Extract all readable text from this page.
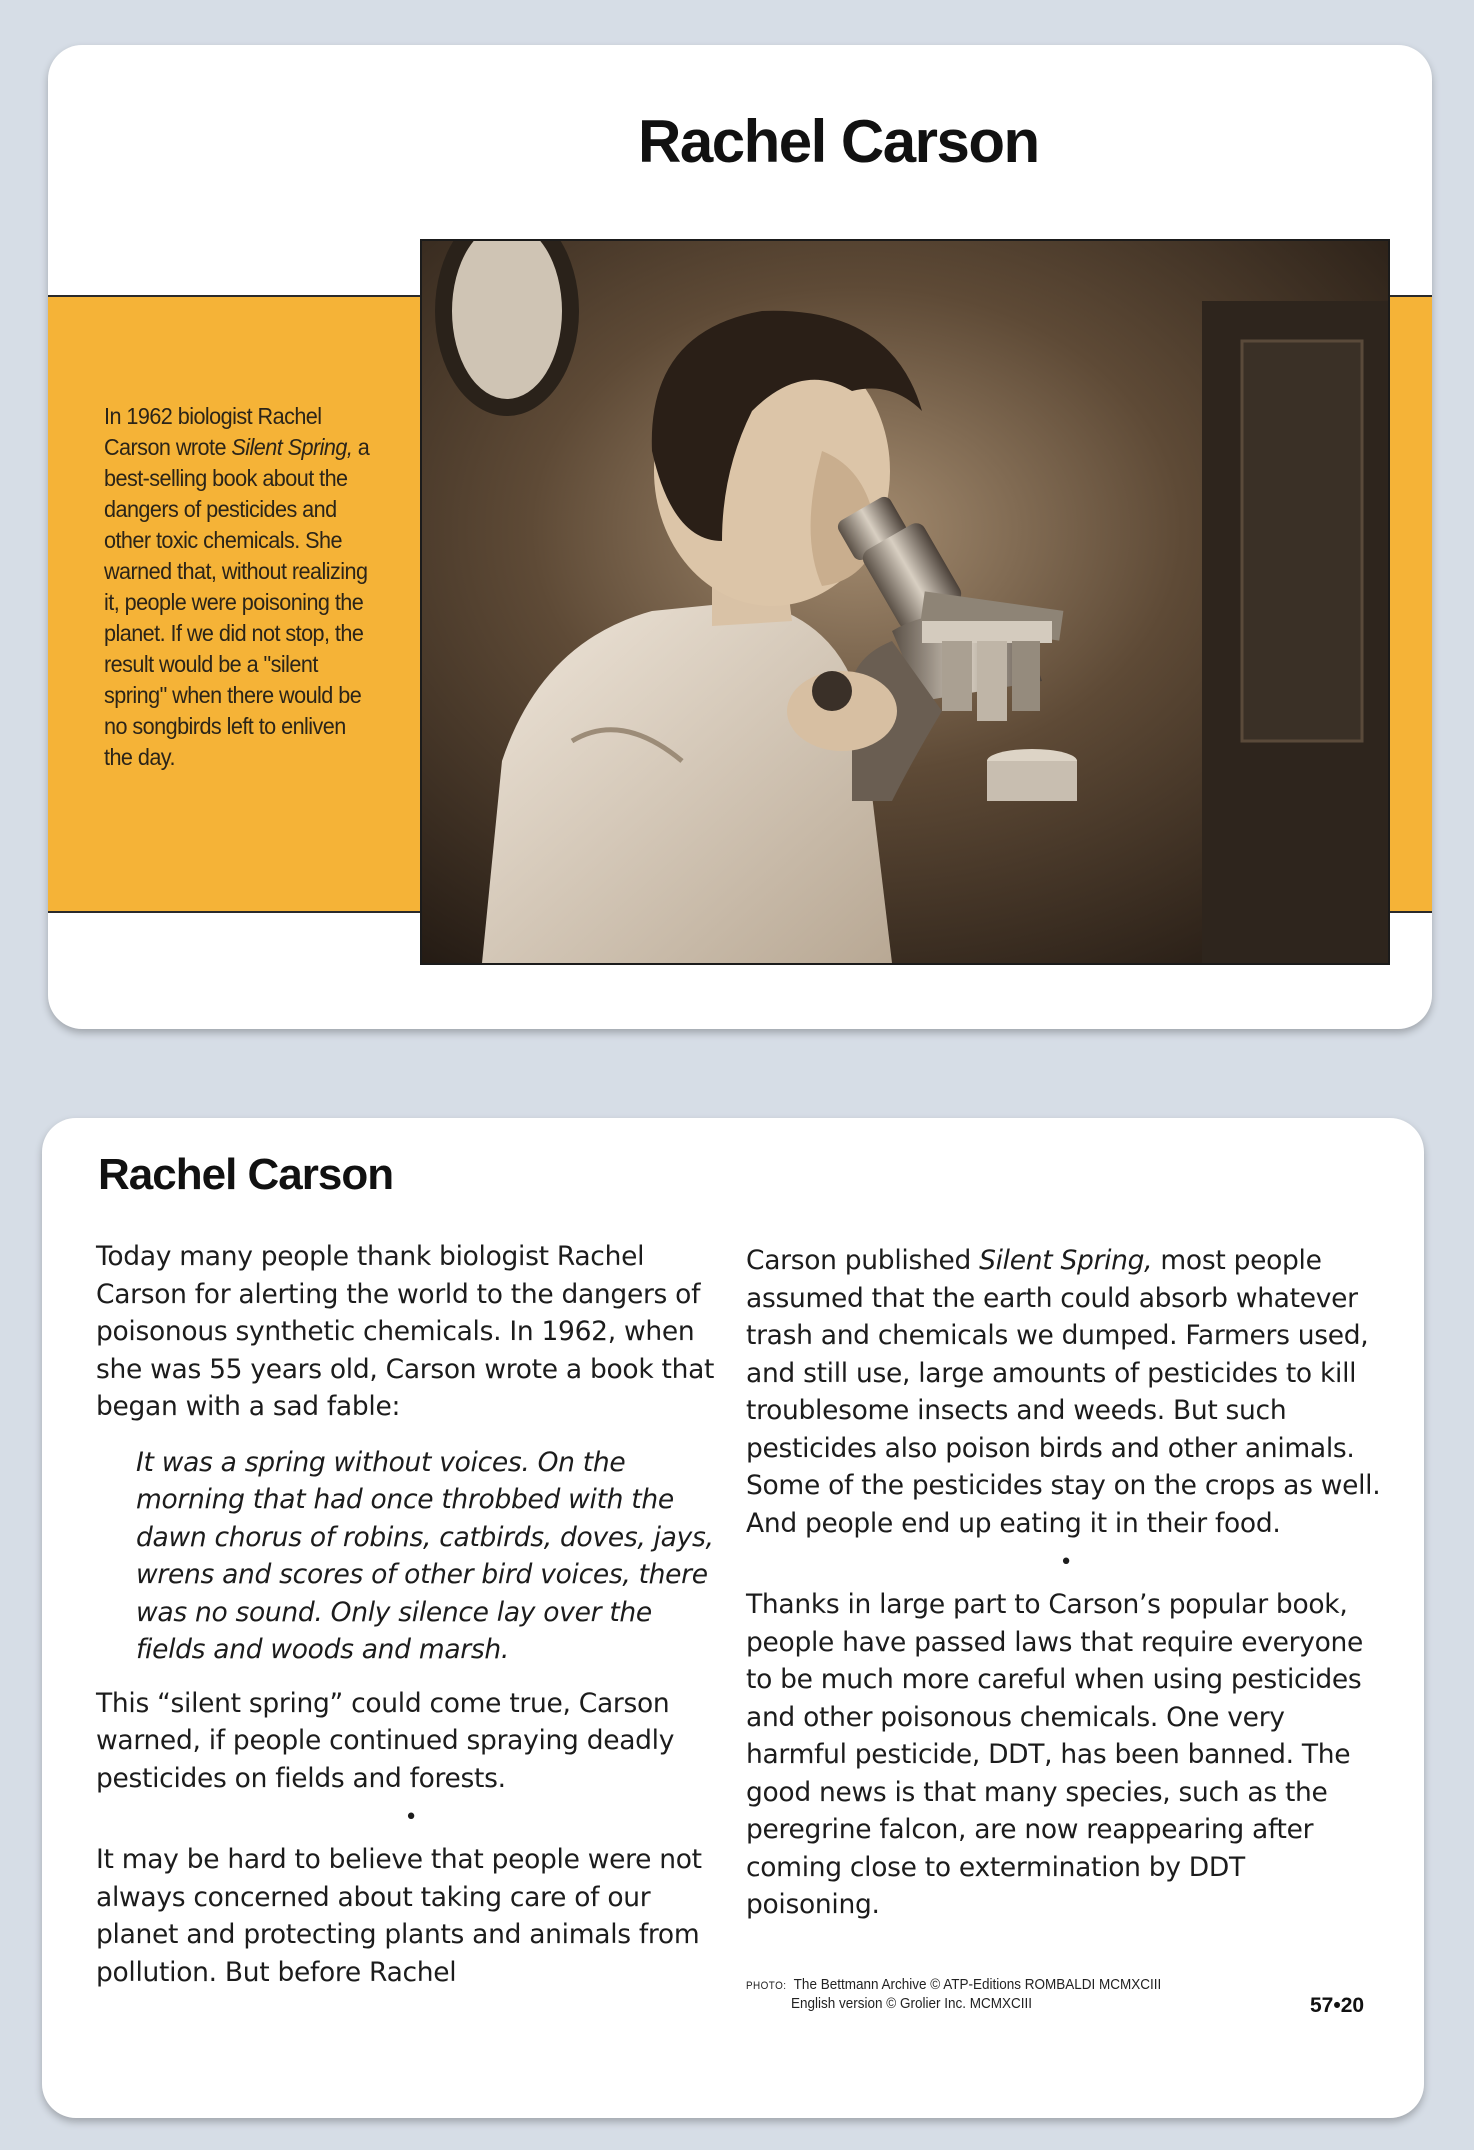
Rachel Carson
In 1962 biologist Rachel Carson wrote Silent Spring, a best-selling book about the dangers of pesticides and other toxic chemicals. She warned that, without realizing it, people were poisoning the planet. If we did not stop, the result would be a "silent spring" when there would be no songbirds left to enliven the day.
Rachel Carson

Today many people thank biologist Rachel Carson for alerting the world to the dangers of poisonous synthetic chemicals. In 1962, when she was 55 years old, Carson wrote a book that began with a sad fable:

It was a spring without voices. On the morning that had once throbbed with the dawn chorus of robins, catbirds, doves, jays, wrens and scores of other bird voices, there was no sound. Only silence lay over the fields and woods and marsh.

This “silent spring” could come true, Carson warned, if people continued spraying deadly pesticides on fields and forests.

•

It may be hard to believe that people were not always concerned about taking care of our planet and protecting plants and animals from pollution. But before Rachel

Carson published Silent Spring, most people assumed that the earth could absorb whatever trash and chemicals we dumped. Farmers used, and still use, large amounts of pesticides to kill troublesome insects and weeds. But such pesticides also poison birds and other animals. Some of the pesticides stay on the crops as well. And people end up eating it in their food.

•

Thanks in large part to Carson’s popular book, people have passed laws that require everyone to be much more careful when using pesticides and other poisonous chemicals. One very harmful pesticide, DDT, has been banned. The good news is that many species, such as the peregrine falcon, are now reappearing after coming close to extermination by DDT poisoning.

PHOTO: The Bettmann Archive © ATP-Editions ROMBALDI MCMXCIII
English version © Grolier Inc. MCMXCIII	57•20
